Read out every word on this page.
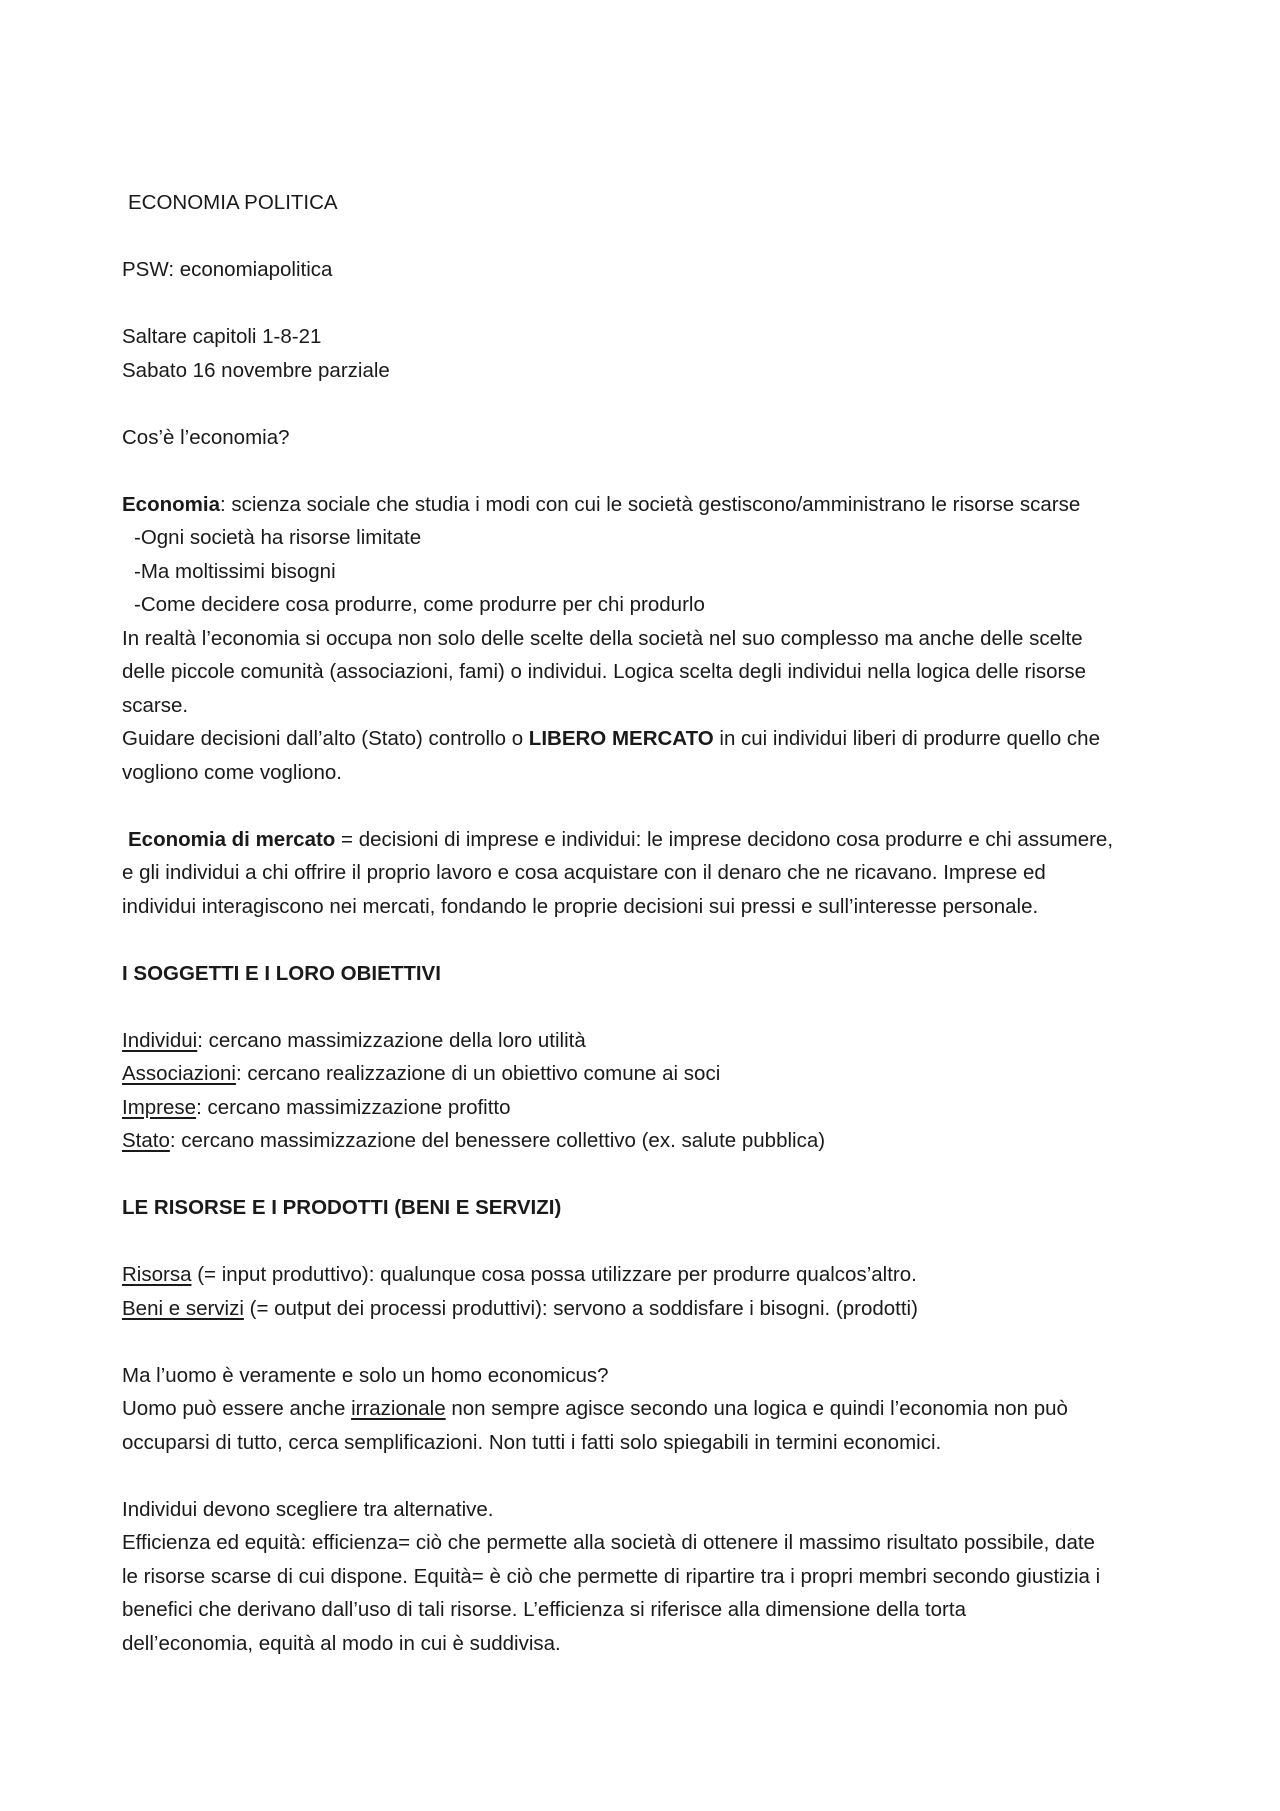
ECONOMIA POLITICA

PSW: economiapolitica

Saltare capitoli 1-8-21

Sabato 16 novembre parziale

Cos’è l’economia?

Economia: scienza sociale che studia i modi con cui le società gestiscono/amministrano le risorse scarse

-Ogni società ha risorse limitate

-Ma moltissimi bisogni

-Come decidere cosa produrre, come produrre per chi produrlo

In realtà l’economia si occupa non solo delle scelte della società nel suo complesso ma anche delle scelte

delle piccole comunità (associazioni, fami) o individui. Logica scelta degli individui nella logica delle risorse

scarse.

Guidare decisioni dall’alto (Stato) controllo o LIBERO MERCATO in cui individui liberi di produrre quello che

vogliono come vogliono.

Economia di mercato = decisioni di imprese e individui: le imprese decidono cosa produrre e chi assumere,

e gli individui a chi offrire il proprio lavoro e cosa acquistare con il denaro che ne ricavano. Imprese ed

individui interagiscono nei mercati, fondando le proprie decisioni sui pressi e sull’interesse personale.

I SOGGETTI E I LORO OBIETTIVI

Individui: cercano massimizzazione della loro utilità

Associazioni: cercano realizzazione di un obiettivo comune ai soci

Imprese: cercano massimizzazione profitto

Stato: cercano massimizzazione del benessere collettivo (ex. salute pubblica)

LE RISORSE E I PRODOTTI (BENI E SERVIZI)

Risorsa (= input produttivo): qualunque cosa possa utilizzare per produrre qualcos’altro.

Beni e servizi (= output dei processi produttivi): servono a soddisfare i bisogni. (prodotti)

Ma l’uomo è veramente e solo un homo economicus?

Uomo può essere anche irrazionale non sempre agisce secondo una logica e quindi l’economia non può

occuparsi di tutto, cerca semplificazioni. Non tutti i fatti solo spiegabili in termini economici.

Individui devono scegliere tra alternative.

Efficienza ed equità: efficienza= ciò che permette alla società di ottenere il massimo risultato possibile, date

le risorse scarse di cui dispone. Equità= è ciò che permette di ripartire tra i propri membri secondo giustizia i

benefici che derivano dall’uso di tali risorse. L’efficienza si riferisce alla dimensione della torta

dell’economia, equità al modo in cui è suddivisa.
